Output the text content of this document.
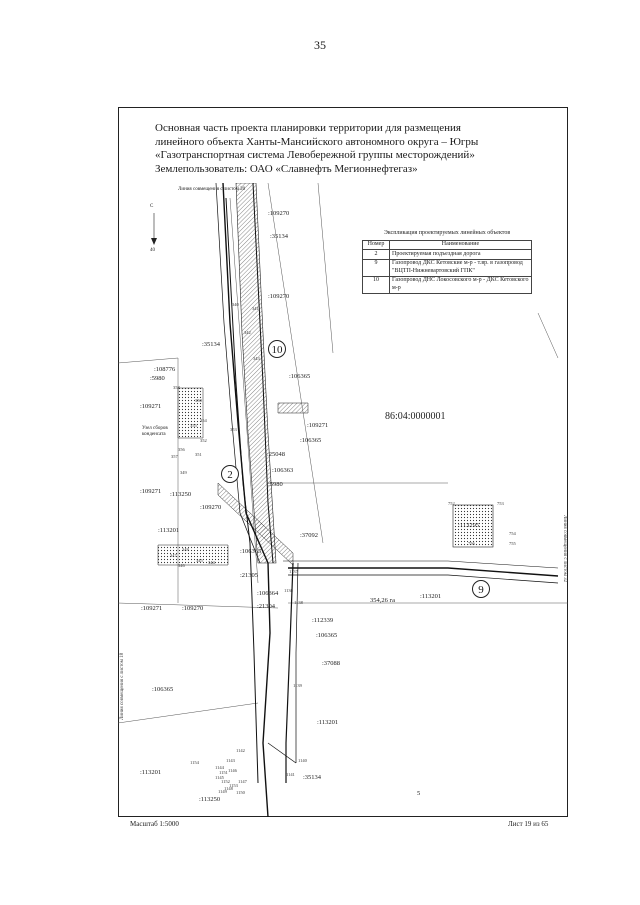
35
Основная часть проекта планировки территории для размещения
линейного объекта Ханты-Мансийского автономного округа – Югры
«Газотранспортная система Левобережной группы месторождений»
Землепользователь: ОАО «Славнефть Мегионнефтегаз»
С
40
Линия совмещения с листом 20
Линия совмещения с листом 18
Линия совмещения с листом 32
Экспликация проектируемых линейных объектов
Номер	Наименование
2	Проектируемая подъездная дорога
9	Газопровод ДКС Кетовские м-р - т.вр. в газопровод "ВЦТП-Нижневартовский ГПК"
10	Газопровод ДНС Локосовского м-р - ДКС Кетовского м-р
86:04:0000001
354,26 га
10
2
9
:109270
:35134
:109270
:35134
:108776
:5980	:106365
:109271
:109271
:106365
:25048
:106363
:5980
:109271 :113250
:109270
:113201
:37092
:106365
:21305
:106364
:21304
:109271	:109270
:113201
:112339
:106365
:37088
:106365
:113201
:113201
:35134
:113250
:113295
Узел сборов конденсата
340
341
342
343
358
357
356
355
354
353
352
351
350
349
348
347
346
345 344
752	753
754
755
756
1136
1137
1138
1139
1140
1141
1142
1143
1144
1145
1146
1147
1148
1149 1150
1151
1152
1153
1154
5
Масштаб 1:5000	Лист 19 из 65
